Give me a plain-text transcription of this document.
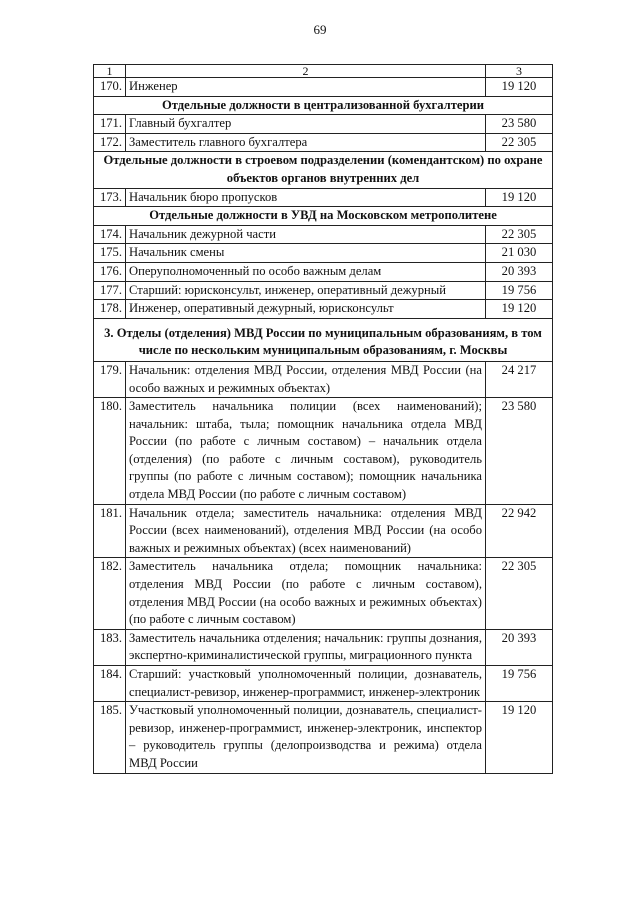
69
1	2	3
170.	Инженер	19 120
Отдельные должности в централизованной бухгалтерии		
171.	Главный бухгалтер	23 580
172.	Заместитель главного бухгалтера	22 305
Отдельные должности в строевом подразделении (комендантском) по охране объектов органов внутренних дел		
173.	Начальник бюро пропусков	19 120
Отдельные должности в УВД на Московском метрополитене		
174.	Начальник дежурной части	22 305
175.	Начальник смены	21 030
176.	Оперуполномоченный по особо важным делам	20 393
177.	Старший: юрисконсульт, инженер, оперативный дежурный	19 756
178.	Инженер, оперативный дежурный, юрисконсульт	19 120
3. Отделы (отделения) МВД России по муниципальным образованиям, в том числе по нескольким муниципальным образованиям, г. Москвы		
179.	Начальник: отделения МВД России, отделения МВД России (на особо важных и режимных объектах)	24 217
180.	Заместитель начальника полиции (всех наименований); начальник: штаба, тыла; помощник начальника отдела МВД России (по работе с личным составом) – начальник отдела (отделения) (по работе с личным составом), руководитель группы (по работе с личным составом); помощник начальника отдела МВД России (по работе с личным составом)	23 580
181.	Начальник отдела; заместитель начальника: отделения МВД России (всех наименований), отделения МВД России (на особо важных и режимных объектах) (всех наименований)	22 942
182.	Заместитель начальника отдела; помощник начальника: отделения МВД России (по работе с личным составом), отделения МВД России (на особо важных и режимных объектах) (по работе с личным составом)	22 305
183.	Заместитель начальника отделения; начальник: группы дознания, экспертно-криминалистической группы, миграционного пункта	20 393
184.	Старший: участковый уполномоченный полиции, дознаватель, специалист-ревизор, инженер-программист, инженер-электроник	19 756
185.	Участковый уполномоченный полиции, дознаватель, специалист-ревизор, инженер-программист, инженер-электроник, инспектор – руководитель группы (делопроизводства и режима) отдела МВД России	19 120
